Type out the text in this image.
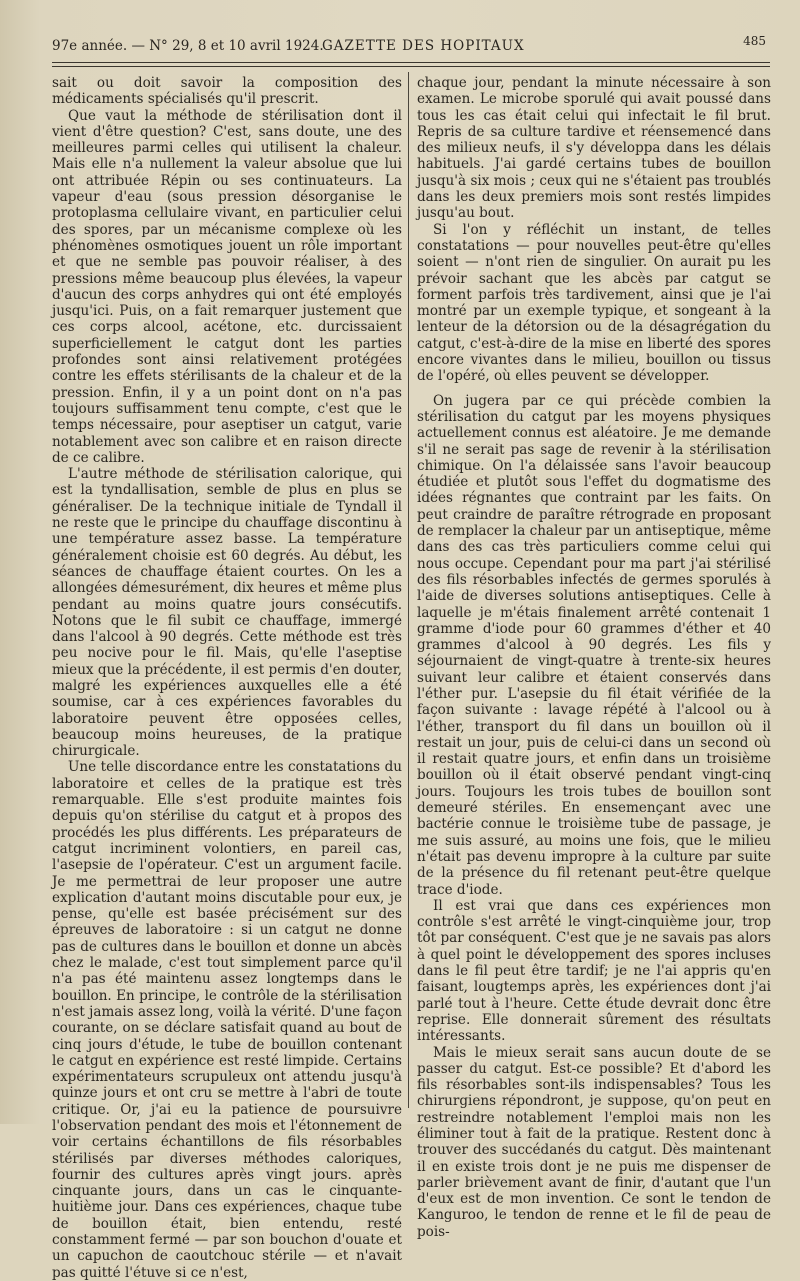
97e année. — N° 29, 8 et 10 avril 1924.
GAZETTE DES HOPITAUX	485

sait ou doit savoir la composition des médicaments spécialisés qu'il prescrit.

Que vaut la méthode de stérilisation dont il vient d'être question? C'est, sans doute, une des meilleures parmi celles qui utilisent la chaleur. Mais elle n'a nullement la valeur absolue que lui ont attribuée Répin ou ses continuateurs. La vapeur d'eau (sous pression désorganise le protoplasma cellulaire vivant, en particulier celui des spores, par un mécanisme complexe où les phénomènes osmotiques jouent un rôle important et que ne semble pas pouvoir réaliser, à des pressions même beaucoup plus élevées, la vapeur d'aucun des corps anhydres qui ont été employés jusqu'ici. Puis, on a fait remarquer justement que ces corps alcool, acétone, etc. durcissaient superficiellement le catgut dont les parties profondes sont ainsi relativement protégées contre les effets stérilisants de la chaleur et de la pression. Enfin, il y a un point dont on n'a pas toujours suffisamment tenu compte, c'est que le temps nécessaire, pour aseptiser un catgut, varie notablement avec son calibre et en raison directe de ce calibre.

L'autre méthode de stérilisation calorique, qui est la tyndallisation, semble de plus en plus se généraliser. De la technique initiale de Tyndall il ne reste que le principe du chauffage discontinu à une température assez basse. La température généralement choisie est 60 degrés. Au début, les séances de chauffage étaient courtes. On les a allongées démesurément, dix heures et même plus pendant au moins quatre jours consécutifs. Notons que le fil subit ce chauffage, immergé dans l'alcool à 90 degrés. Cette méthode est très peu nocive pour le fil. Mais, qu'elle l'aseptise mieux que la précédente, il est permis d'en douter, malgré les expériences auxquelles elle a été soumise, car à ces expériences favorables du laboratoire peuvent être opposées celles, beaucoup moins heureuses, de la pratique chirurgicale.

Une telle discordance entre les constatations du laboratoire et celles de la pratique est très remarquable. Elle s'est produite maintes fois depuis qu'on stérilise du catgut et à propos des procédés les plus différents. Les préparateurs de catgut incriminent volontiers, en pareil cas, l'asepsie de l'opérateur. C'est un argument facile. Je me permettrai de leur proposer une autre explication d'autant moins discutable pour eux, je pense, qu'elle est basée précisément sur des épreuves de laboratoire : si un catgut ne donne pas de cultures dans le bouillon et donne un abcès chez le malade, c'est tout simplement parce qu'il n'a pas été maintenu assez longtemps dans le bouillon. En principe, le contrôle de la stérilisation n'est jamais assez long, voilà la vérité. D'une façon courante, on se déclare satisfait quand au bout de cinq jours d'étude, le tube de bouillon contenant le catgut en expérience est resté limpide. Certains expérimentateurs scrupuleux ont attendu jusqu'à quinze jours et ont cru se mettre à l'abri de toute critique. Or, j'ai eu la patience de poursuivre l'observation pendant des mois et l'étonnement de voir certains échantillons de fils résorbables stérilisés par diverses méthodes caloriques, fournir des cultures après vingt jours. après cinquante jours, dans un cas le cinquante-huitième jour. Dans ces expériences, chaque tube de bouillon était, bien entendu, resté constamment fermé — par son bouchon d'ouate et un capuchon de caoutchouc stérile — et n'avait pas quitté l'étuve si ce n'est,

chaque jour, pendant la minute nécessaire à son examen. Le microbe sporulé qui avait poussé dans tous les cas était celui qui infectait le fil brut. Repris de sa culture tardive et réensemencé dans des milieux neufs, il s'y développa dans les délais habituels. J'ai gardé certains tubes de bouillon jusqu'à six mois ; ceux qui ne s'étaient pas troublés dans les deux premiers mois sont restés limpides jusqu'au bout.

Si l'on y réfléchit un instant, de telles constatations — pour nouvelles peut-être qu'elles soient — n'ont rien de singulier. On aurait pu les prévoir sachant que les abcès par catgut se forment parfois très tardivement, ainsi que je l'ai montré par un exemple typique, et songeant à la lenteur de la détorsion ou de la désagrégation du catgut, c'est-à-dire de la mise en liberté des spores encore vivantes dans le milieu, bouillon ou tissus de l'opéré, où elles peuvent se développer.

On jugera par ce qui précède combien la stérilisation du catgut par les moyens physiques actuellement connus est aléatoire. Je me demande s'il ne serait pas sage de revenir à la stérilisation chimique. On l'a délaissée sans l'avoir beaucoup étudiée et plutôt sous l'effet du dogmatisme des idées régnantes que contraint par les faits. On peut craindre de paraître rétrograde en proposant de remplacer la chaleur par un antiseptique, même dans des cas très particuliers comme celui qui nous occupe. Cependant pour ma part j'ai stérilisé des fils résorbables infectés de germes sporulés à l'aide de diverses solutions antiseptiques. Celle à laquelle je m'étais finalement arrêté contenait 1 gramme d'iode pour 60 grammes d'éther et 40 grammes d'alcool à 90 degrés. Les fils y séjournaient de vingt-quatre à trente-six heures suivant leur calibre et étaient conservés dans l'éther pur. L'asepsie du fil était vérifiée de la façon suivante : lavage répété à l'alcool ou à l'éther, transport du fil dans un bouillon où il restait un jour, puis de celui-ci dans un second où il restait quatre jours, et enfin dans un troisième bouillon où il était observé pendant vingt-cinq jours. Toujours les trois tubes de bouillon sont demeuré stériles. En ensemençant avec une bactérie connue le troisième tube de passage, je me suis assuré, au moins une fois, que le milieu n'était pas devenu impropre à la culture par suite de la présence du fil retenant peut-être quelque trace d'iode.

Il est vrai que dans ces expériences mon contrôle s'est arrêté le vingt-cinquième jour, trop tôt par conséquent. C'est que je ne savais pas alors à quel point le développement des spores incluses dans le fil peut être tardif; je ne l'ai appris qu'en faisant, lougtemps après, les expériences dont j'ai parlé tout à l'heure. Cette étude devrait donc être reprise. Elle donnerait sûrement des résultats intéressants.

Mais le mieux serait sans aucun doute de se passer du catgut. Est-ce possible? Et d'abord les fils résorbables sont-ils indispensables? Tous les chirurgiens répondront, je suppose, qu'on peut en restreindre notablement l'emploi mais non les éliminer tout à fait de la pratique. Restent donc à trouver des succédanés du catgut. Dès maintenant il en existe trois dont je ne puis me dispenser de parler brièvement avant de finir, d'autant que l'un d'eux est de mon invention. Ce sont le tendon de Kanguroo, le tendon de renne et le fil de peau de pois-
